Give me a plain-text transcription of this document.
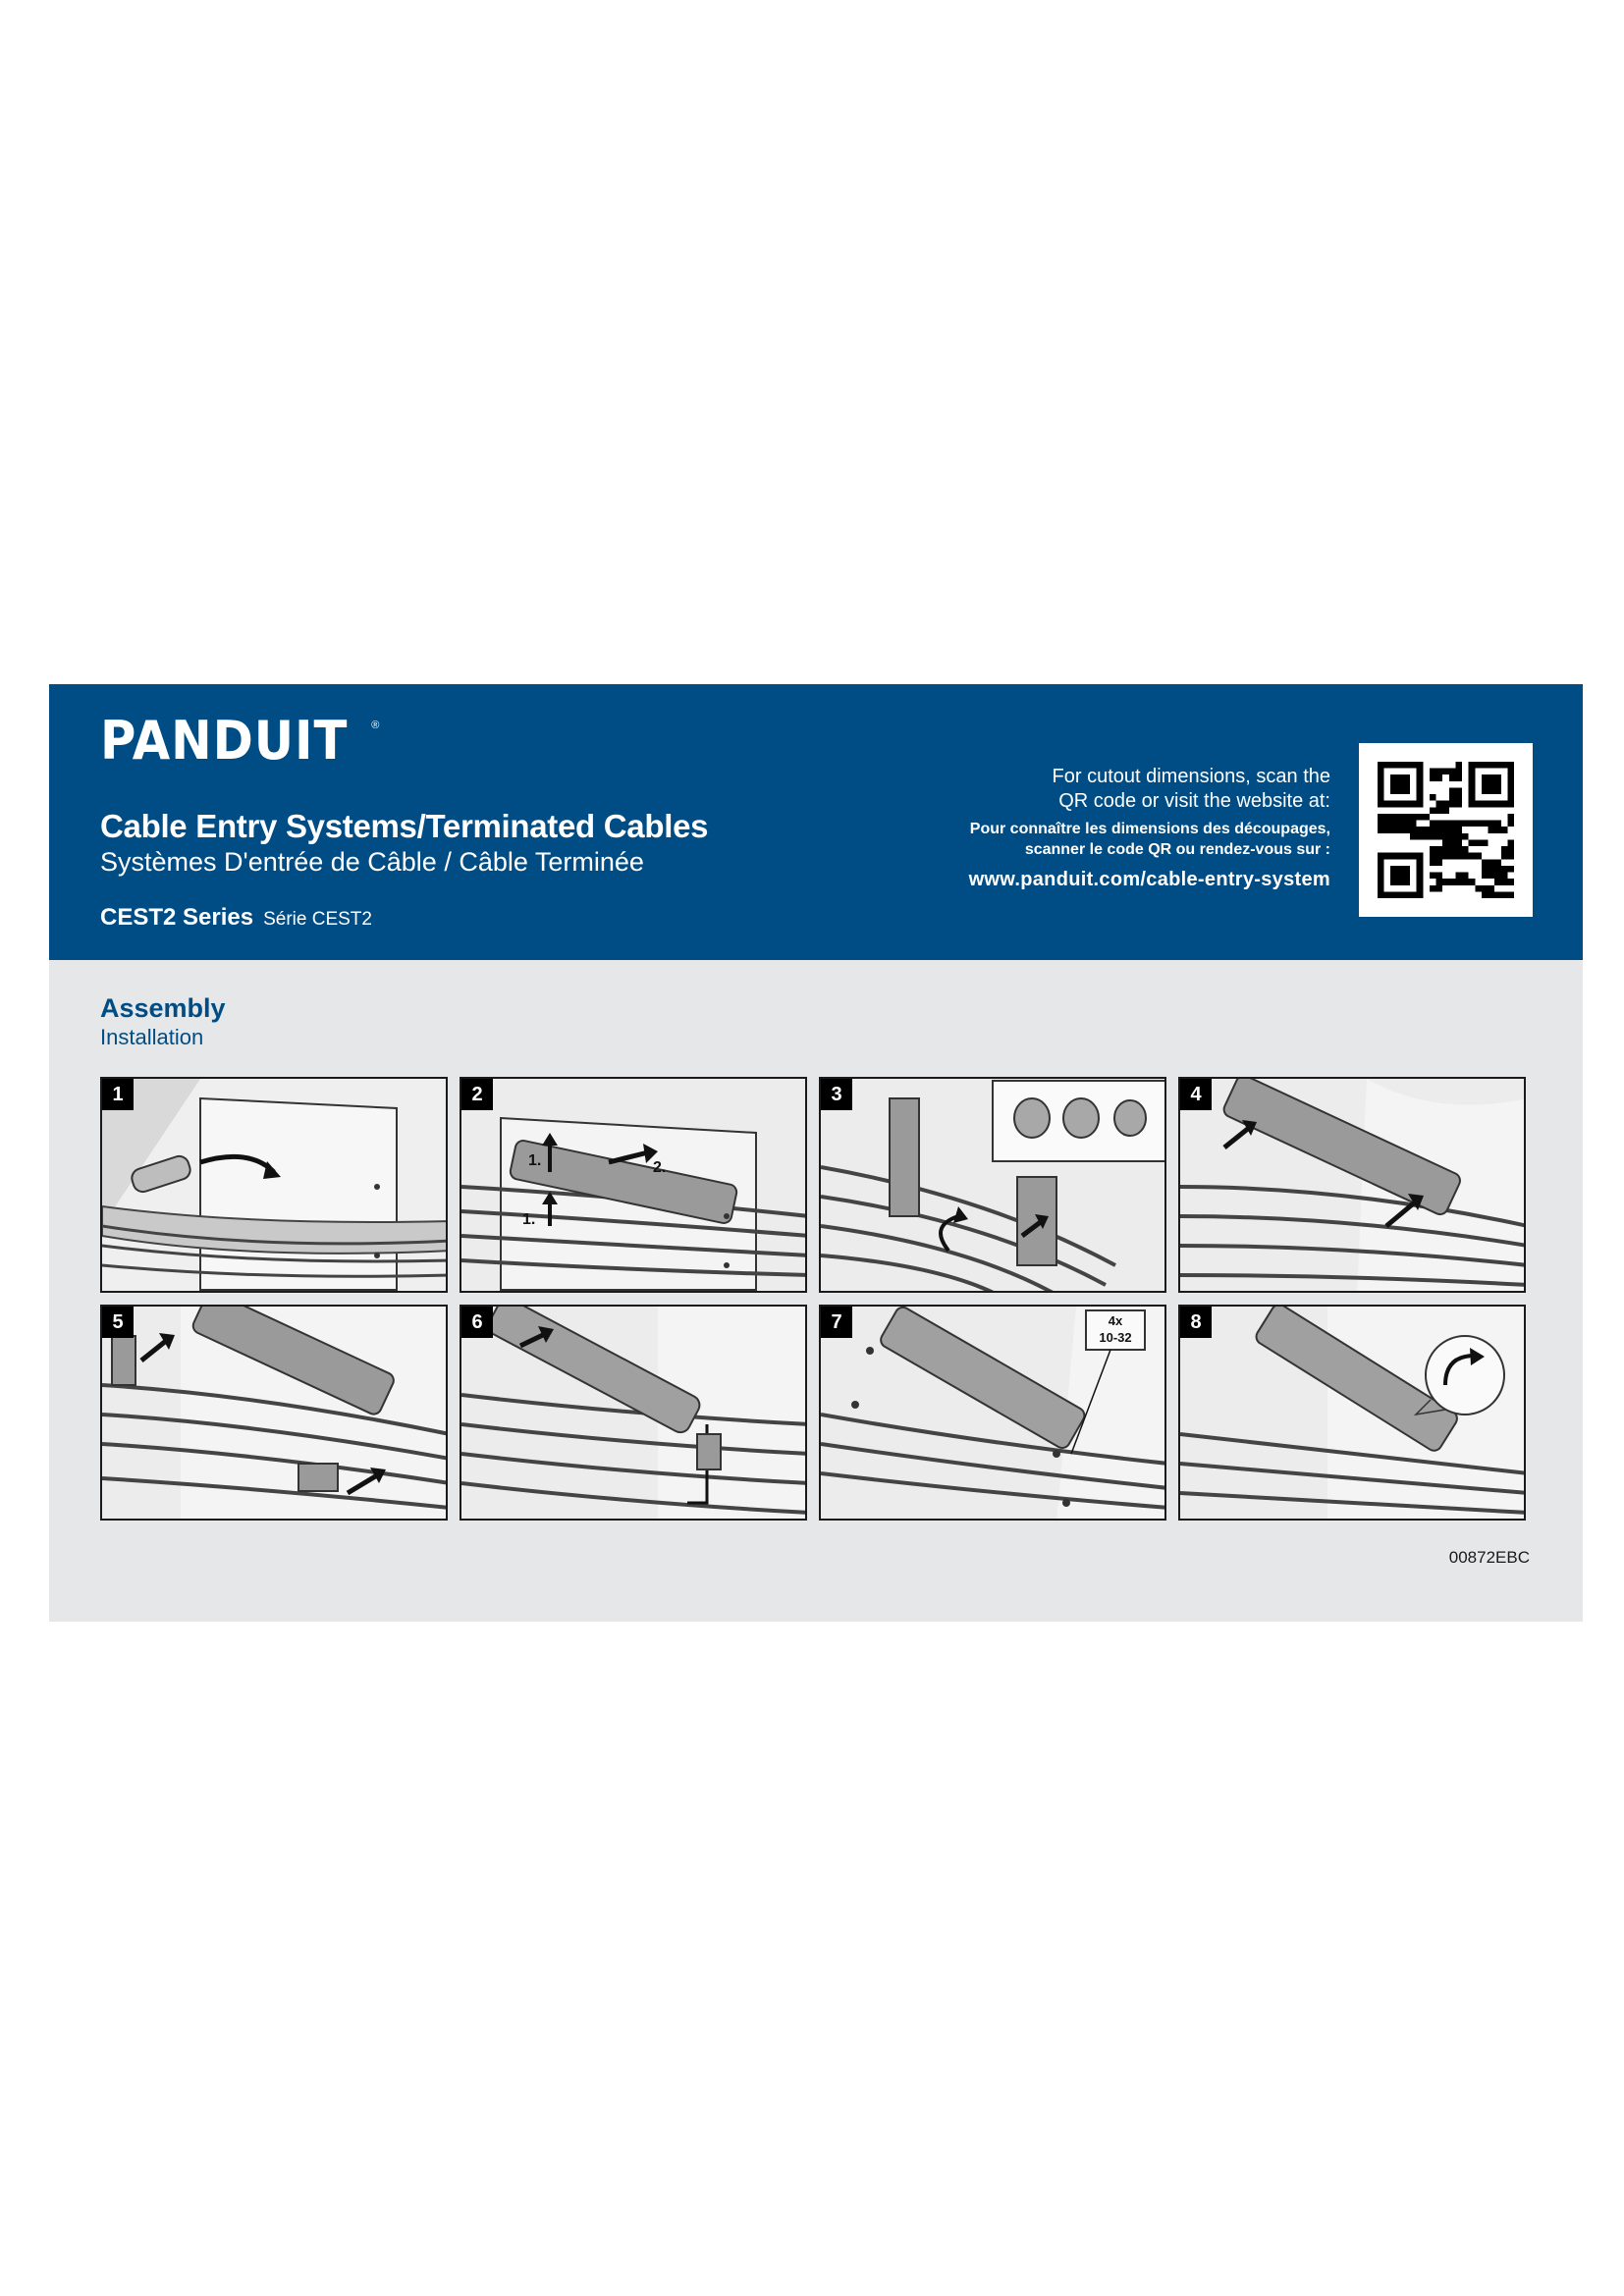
PANDUIT ®
Cable Entry Systems/Terminated Cables
Systèmes D'entrée de Câble / Câble Terminée
CEST2 Series Série CEST2
For cutout dimensions, scan the
QR code or visit the website at:
Pour connaître les dimensions des découpages,
scanner le code QR ou rendez-vous sur :
www.panduit.com/cable-entry-system
Assembly
Installation
1	2
1.	2.
1.
3	4
5	6	7	4x
10-32
8
00872EBC
